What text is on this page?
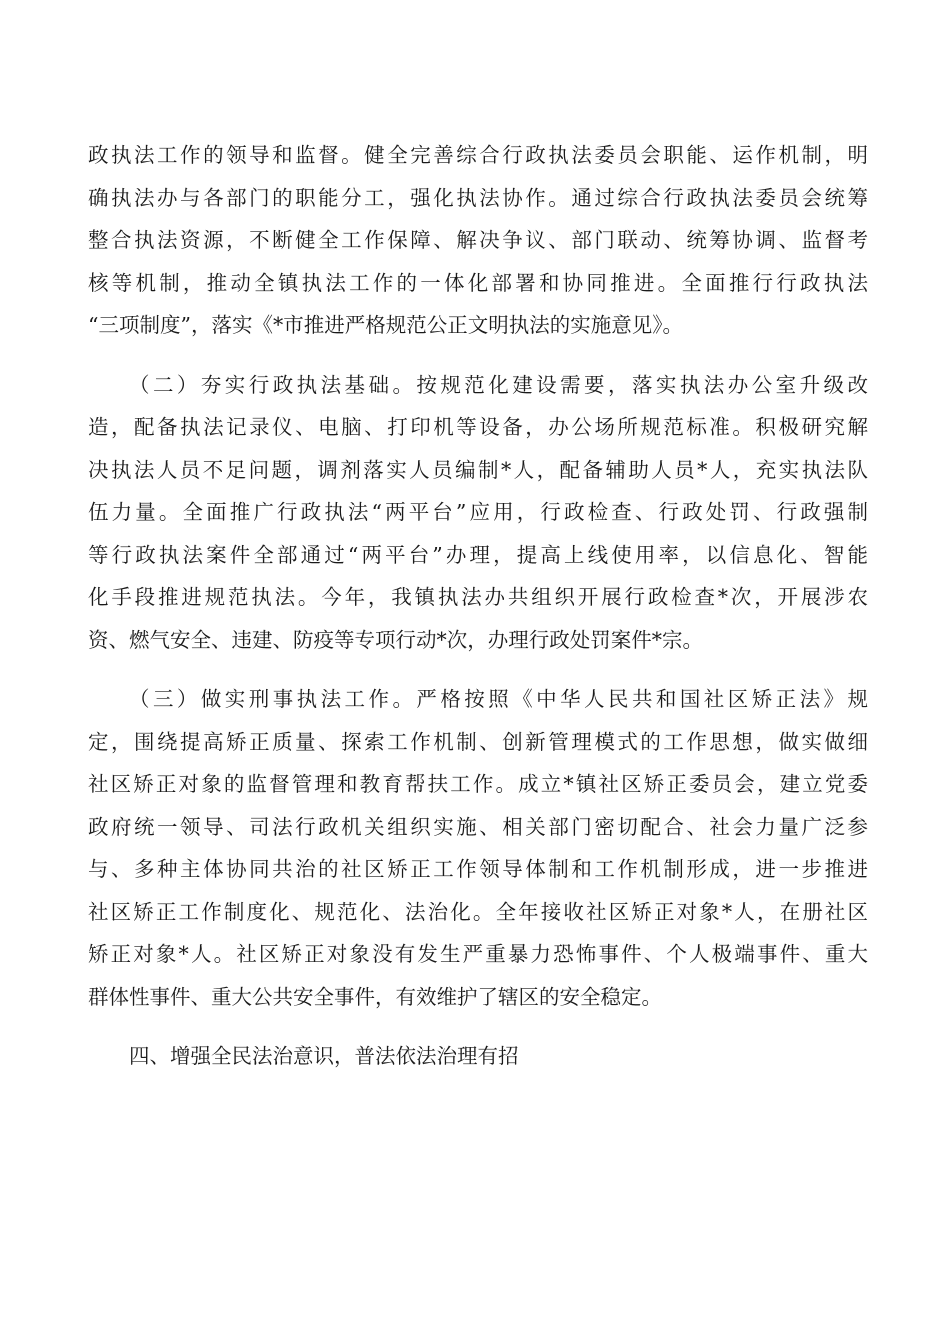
政执法工作的领导和监督。健全完善综合行政执法委员会职能、运作机制，明
确执法办与各部门的职能分工，强化执法协作。通过综合行政执法委员会统筹
整合执法资源，不断健全工作保障、解决争议、部门联动、统筹协调、监督考
核等机制，推动全镇执法工作的一体化部署和协同推进。全面推行行政执法
“三项制度”，落实《*市推进严格规范公正文明执法的实施意见》。
（二）夯实行政执法基础。按规范化建设需要，落实执法办公室升级改
造，配备执法记录仪、电脑、打印机等设备，办公场所规范标准。积极研究解
决执法人员不足问题，调剂落实人员编制*人，配备辅助人员*人，充实执法队
伍力量。全面推广行政执法“两平台”应用，行政检查、行政处罚、行政强制
等行政执法案件全部通过“两平台”办理，提高上线使用率，以信息化、智能
化手段推进规范执法。今年，我镇执法办共组织开展行政检查*次，开展涉农
资、燃气安全、违建、防疫等专项行动*次，办理行政处罚案件*宗。
（三）做实刑事执法工作。严格按照《中华人民共和国社区矫正法》规
定，围绕提高矫正质量、探索工作机制、创新管理模式的工作思想，做实做细
社区矫正对象的监督管理和教育帮扶工作。成立*镇社区矫正委员会，建立党委
政府统一领导、司法行政机关组织实施、相关部门密切配合、社会力量广泛参
与、多种主体协同共治的社区矫正工作领导体制和工作机制形成，进一步推进
社区矫正工作制度化、规范化、法治化。全年接收社区矫正对象*人，在册社区
矫正对象*人。社区矫正对象没有发生严重暴力恐怖事件、个人极端事件、重大
群体性事件、重大公共安全事件，有效维护了辖区的安全稳定。
四、增强全民法治意识，普法依法治理有招
